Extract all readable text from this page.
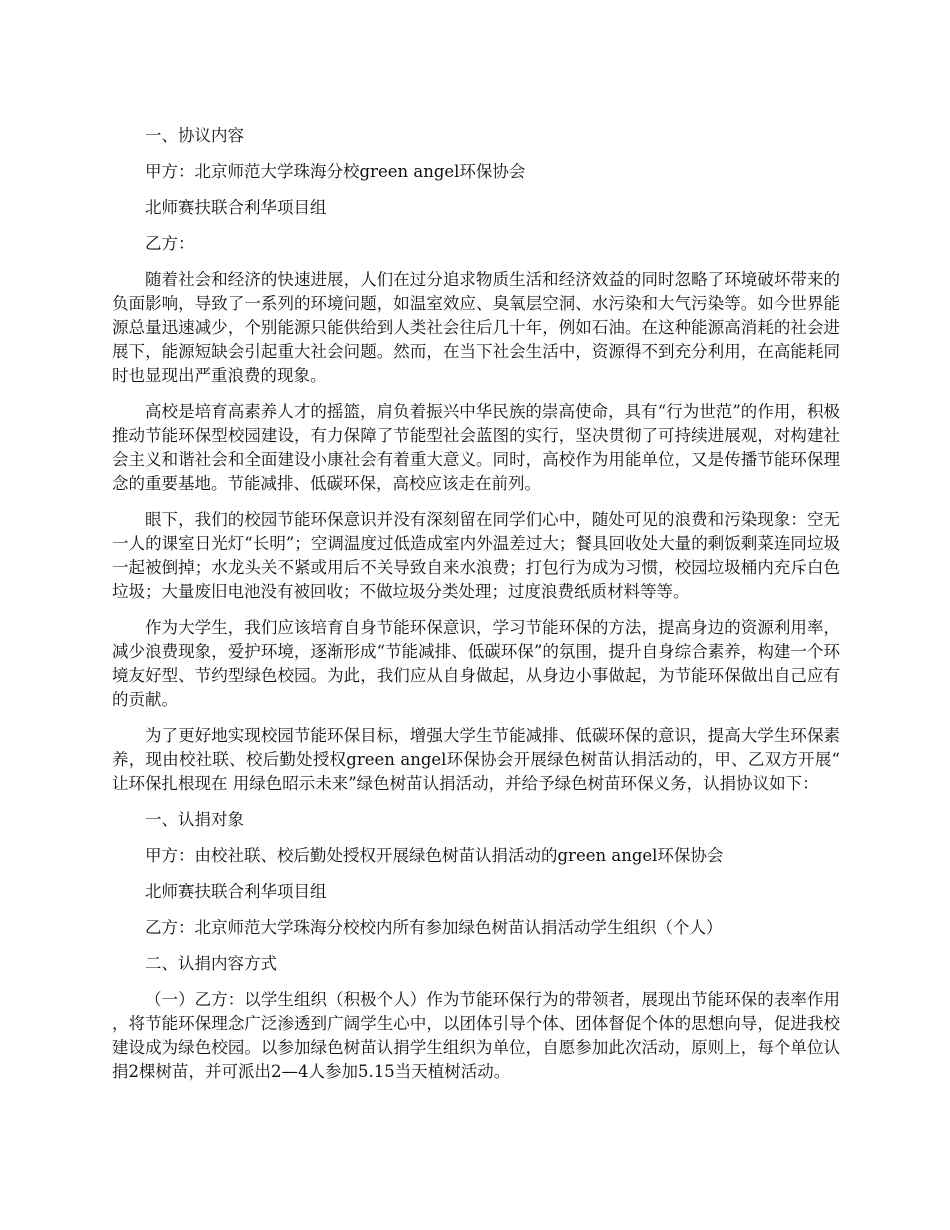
一、协议内容

甲方：北京师范大学珠海分校green angel环保协会

北师赛扶联合利华项目组

乙方：

随着社会和经济的快速进展，人们在过分追求物质生活和经济效益的同时忽略了环境破坏带来的负面影响，导致了一系列的环境问题，如温室效应、臭氧层空洞、水污染和大气污染等。如今世界能源总量迅速减少，个别能源只能供给到人类社会往后几十年，例如石油。在这种能源高消耗的社会进展下，能源短缺会引起重大社会问题。然而，在当下社会生活中，资源得不到充分利用，在高能耗同时也显现出严重浪费的现象。

高校是培育高素养人才的摇篮，肩负着振兴中华民族的崇高使命，具有“行为世范”的作用，积极推动节能环保型校园建设，有力保障了节能型社会蓝图的实行，坚决贯彻了可持续进展观，对构建社会主义和谐社会和全面建设小康社会有着重大意义。同时，高校作为用能单位，又是传播节能环保理念的重要基地。节能减排、低碳环保，高校应该走在前列。

眼下，我们的校园节能环保意识并没有深刻留在同学们心中，随处可见的浪费和污染现象：空无一人的课室日光灯“长明”；空调温度过低造成室内外温差过大；餐具回收处大量的剩饭剩菜连同垃圾一起被倒掉；水龙头关不紧或用后不关导致自来水浪费；打包行为成为习惯，校园垃圾桶内充斥白色垃圾；大量废旧电池没有被回收；不做垃圾分类处理；过度浪费纸质材料等等。

作为大学生，我们应该培育自身节能环保意识，学习节能环保的方法，提高身边的资源利用率，减少浪费现象，爱护环境，逐渐形成“节能减排、低碳环保”的氛围，提升自身综合素养，构建一个环境友好型、节约型绿色校园。为此，我们应从自身做起，从身边小事做起，为节能环保做出自己应有的贡献。

为了更好地实现校园节能环保目标，增强大学生节能减排、低碳环保的意识，提高大学生环保素养，现由校社联、校后勤处授权green angel环保协会开展绿色树苗认捐活动的，甲、乙双方开展“让环保扎根现在 用绿色昭示未来”绿色树苗认捐活动，并给予绿色树苗环保义务，认捐协议如下：

一、认捐对象

甲方：由校社联、校后勤处授权开展绿色树苗认捐活动的green angel环保协会

北师赛扶联合利华项目组

乙方：北京师范大学珠海分校校内所有参加绿色树苗认捐活动学生组织（个人）

二、认捐内容方式

（一）乙方：以学生组织（积极个人）作为节能环保行为的带领者，展现出节能环保的表率作用，将节能环保理念广泛渗透到广阔学生心中，以团体引导个体、团体督促个体的思想向导，促进我校建设成为绿色校园。以参加绿色树苗认捐学生组织为单位，自愿参加此次活动，原则上，每个单位认捐2棵树苗，并可派出2—4人参加5.15当天植树活动。
